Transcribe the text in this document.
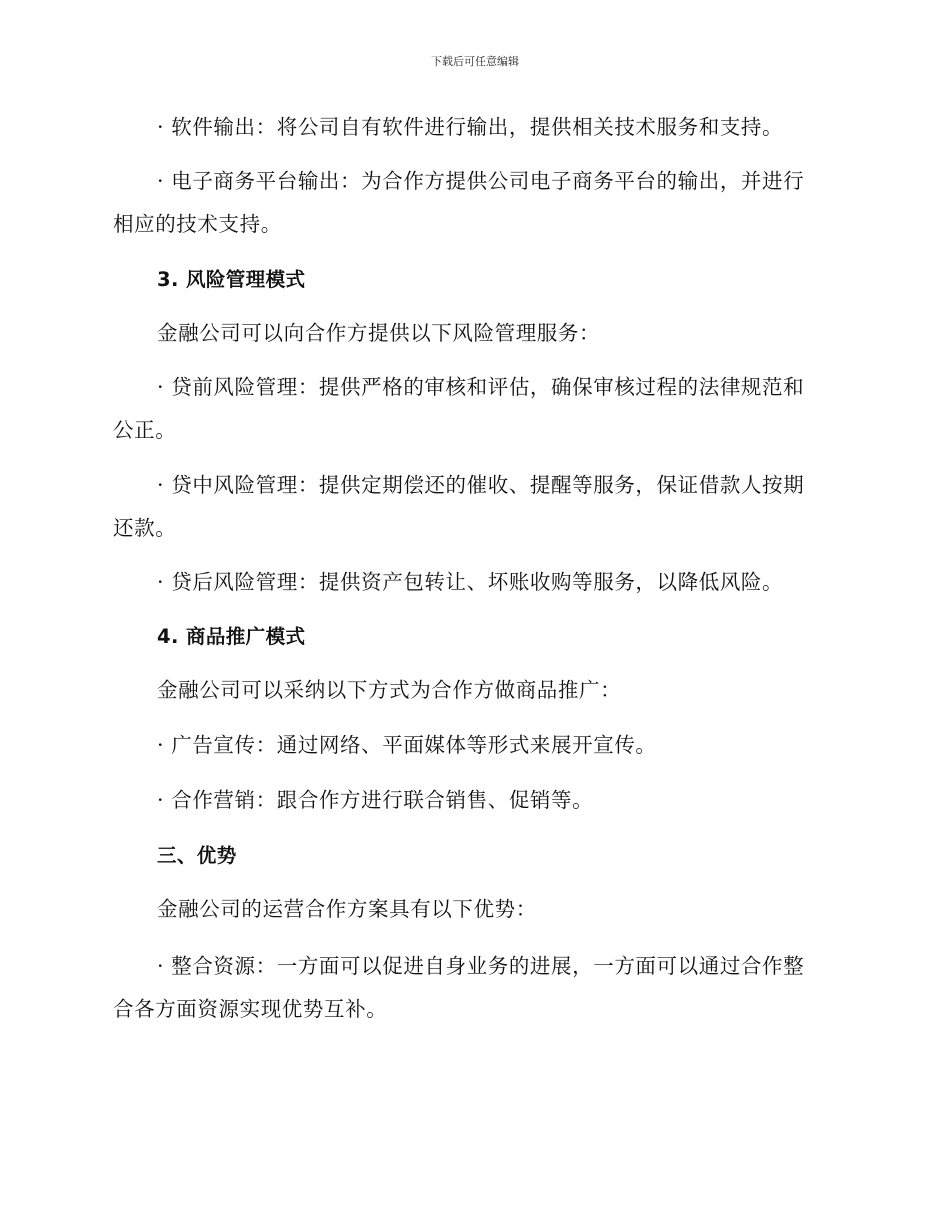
下载后可任意编辑

· 软件输出：将公司自有软件进行输出，提供相关技术服务和支持。

· 电子商务平台输出：为合作方提供公司电子商务平台的输出，并进行相应的技术支持。

3. 风险管理模式

金融公司可以向合作方提供以下风险管理服务：

· 贷前风险管理：提供严格的审核和评估，确保审核过程的法律规范和公正。

· 贷中风险管理：提供定期偿还的催收、提醒等服务，保证借款人按期还款。

· 贷后风险管理：提供资产包转让、坏账收购等服务，以降低风险。

4. 商品推广模式

金融公司可以采纳以下方式为合作方做商品推广：

· 广告宣传：通过网络、平面媒体等形式来展开宣传。

· 合作营销：跟合作方进行联合销售、促销等。

三、优势

金融公司的运营合作方案具有以下优势：

· 整合资源：一方面可以促进自身业务的进展，一方面可以通过合作整合各方面资源实现优势互补。
